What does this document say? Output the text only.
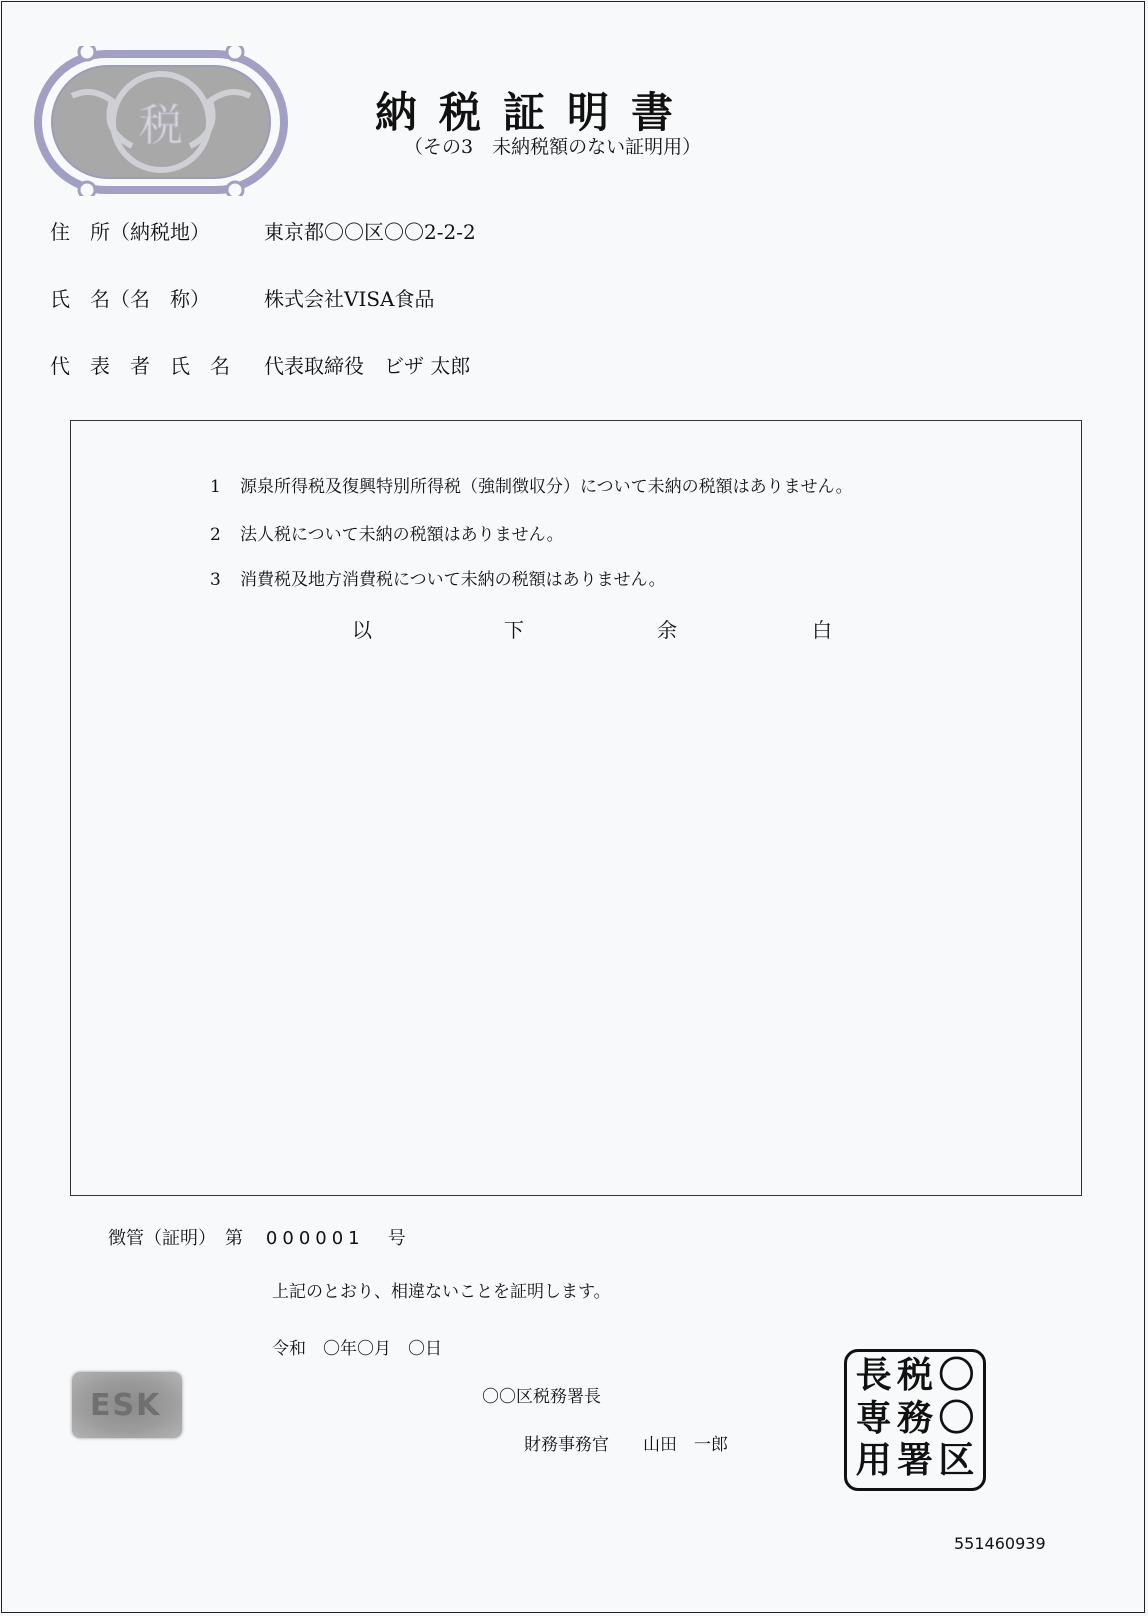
税	納税証明書
（その3　未納税額のない証明用）
住　所（納税地）	東京都〇〇区〇〇2-2-2
氏　名（名　称）	株式会社VISA食品
代　表　者　氏　名 代表取締役　ビザ 太郎
1 源泉所得税及復興特別所得税（強制徴収分）について未納の税額はありません。
2 法人税について未納の税額はありません。
3 消費税及地方消費税について未納の税額はありません。
以	下	余	白
徴管（証明）　第 000001 号
上記のとおり、相違ないことを証明します。
令和　〇年〇月　〇日
〇〇区税務署長
財務事務官　　山田　一郎
ESK
長 税 〇
専 務 〇
用 署 区
551460939
